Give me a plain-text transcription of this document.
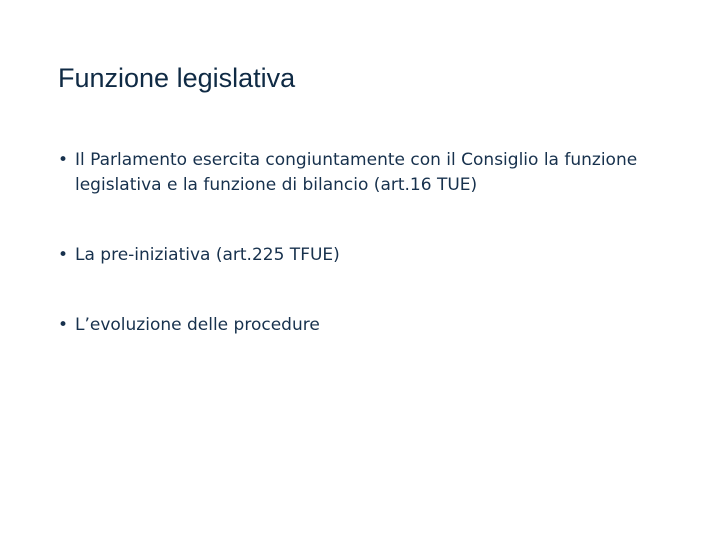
Funzione legislativa
• Il Parlamento esercita congiuntamente con il Consiglio la funzione legislativa e la funzione di bilancio (art.16 TUE)
• La pre-iniziativa (art.225 TFUE)
• L’evoluzione delle procedure
